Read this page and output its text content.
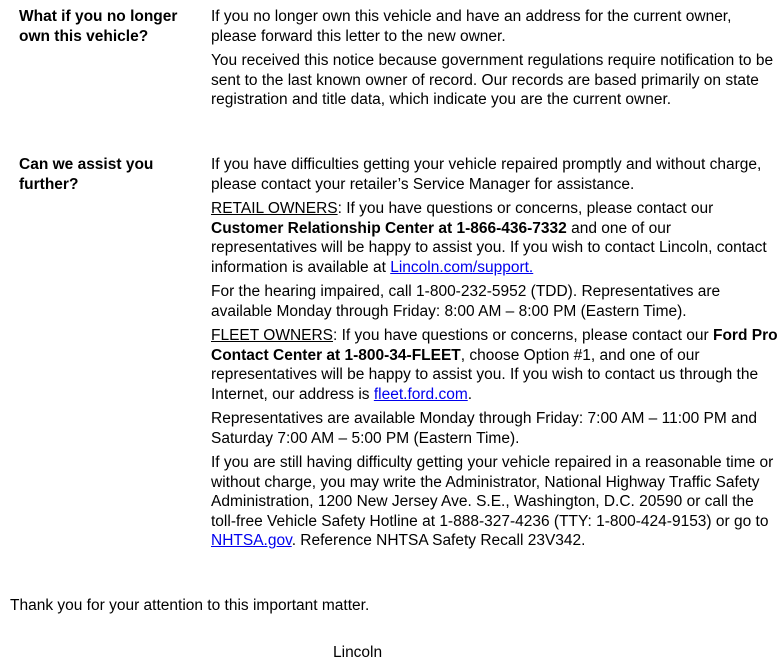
What if you no longer own this vehicle?

If you no longer own this vehicle and have an address for the current owner, please forward this letter to the new owner.

You received this notice because government regulations require notification to be sent to the last known owner of record. Our records are based primarily on state registration and title data, which indicate you are the current owner.

Can we assist you further?

If you have difficulties getting your vehicle repaired promptly and without charge, please contact your retailer’s Service Manager for assistance.

RETAIL OWNERS: If you have questions or concerns, please contact our Customer Relationship Center at 1-866-436-7332 and one of our representatives will be happy to assist you. If you wish to contact Lincoln, contact information is available at Lincoln.com/support.

For the hearing impaired, call 1-800-232-5952 (TDD). Representatives are available Monday through Friday: 8:00 AM – 8:00 PM (Eastern Time).

FLEET OWNERS: If you have questions or concerns, please contact our Ford Pro Contact Center at 1-800-34-FLEET, choose Option #1, and one of our representatives will be happy to assist you. If you wish to contact us through the Internet, our address is fleet.ford.com.

Representatives are available Monday through Friday: 7:00 AM – 11:00 PM and Saturday 7:00 AM – 5:00 PM (Eastern Time).

If you are still having difficulty getting your vehicle repaired in a reasonable time or without charge, you may write the Administrator, National Highway Traffic Safety Administration, 1200 New Jersey Ave. S.E., Washington, D.C. 20590 or call the toll-free Vehicle Safety Hotline at 1-888-327-4236 (TTY: 1-800-424-9153) or go to NHTSA.gov. Reference NHTSA Safety Recall 23V342.

Thank you for your attention to this important matter.
Lincoln
